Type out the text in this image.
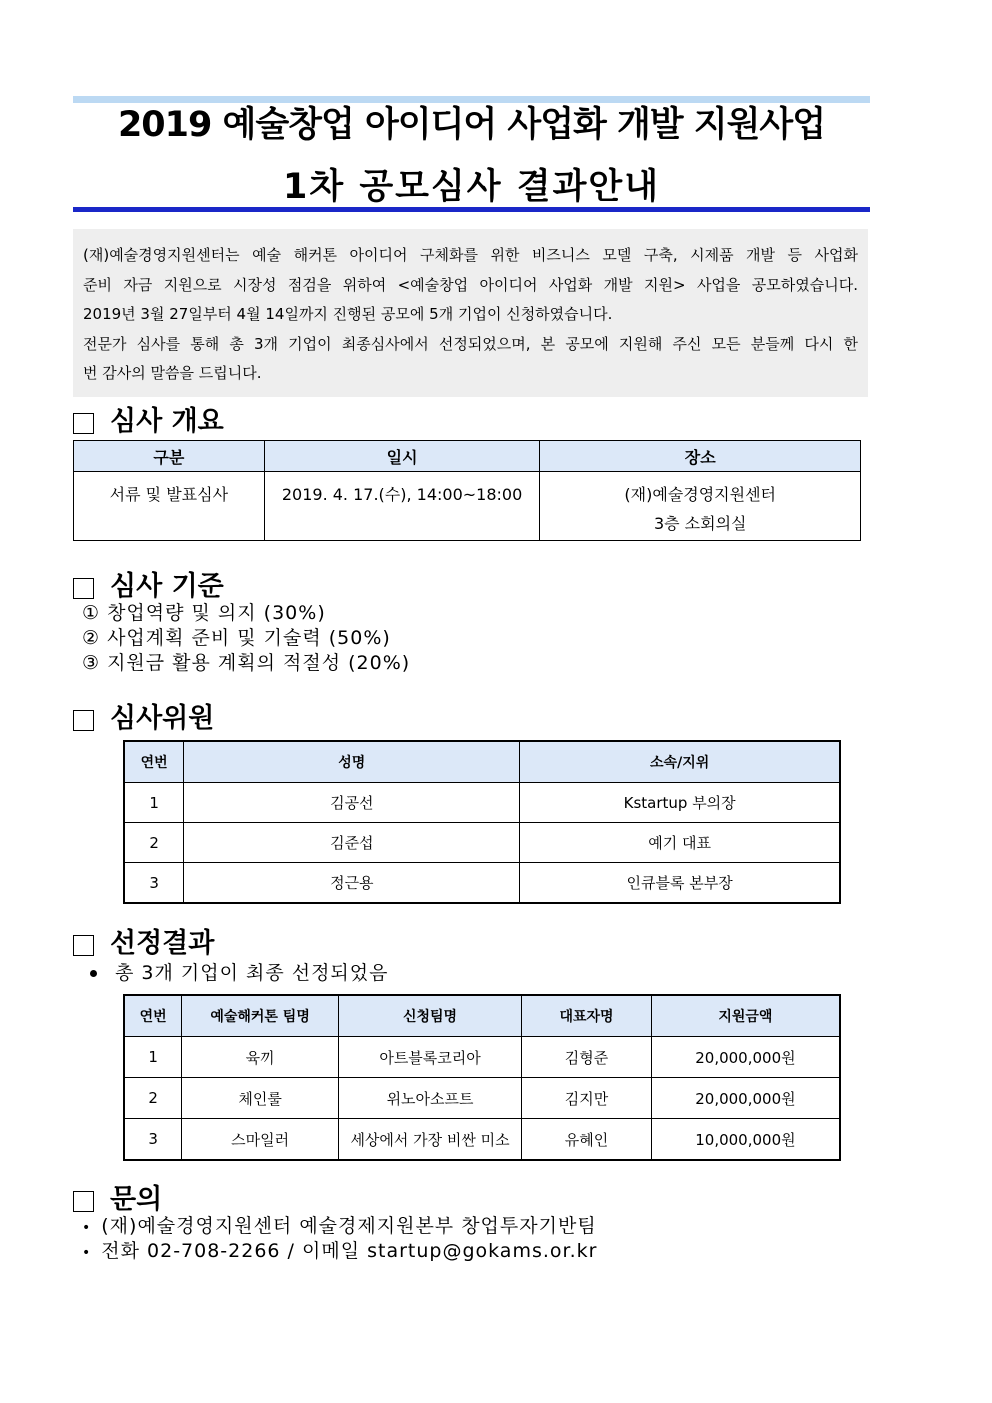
2019 예술창업 아이디어 사업화 개발 지원사업
1차 공모심사 결과안내

(재)예술경영지원센터는 예술 해커톤 아이디어 구체화를 위한 비즈니스 모델 구축, 시제품 개발 등 사업화

준비 자금 지원으로 시장성 점검을 위하여 <예술창업 아이디어 사업화 개발 지원> 사업을 공모하였습니다.

2019년 3월 27일부터 4월 14일까지 진행된 공모에 5개 기업이 신청하였습니다.

전문가 심사를 통해 총 3개 기업이 최종심사에서 선정되었으며, 본 공모에 지원해 주신 모든 분들께 다시 한

번 감사의 말씀을 드립니다.

심사 개요
구분	일시	장소
서류 및 발표심사	2019. 4. 17.(수), 14:00~18:00	(재)예술경영지원센터
3층 소회의실
심사 기준
① 창업역량 및 의지 (30%)
② 사업계획 준비 및 기술력 (50%)
③ 지원금 활용 계획의 적절성 (20%)
심사위원
연번	성명	소속/지위
1	김공선	Kstartup 부의장
2	김준섭	예기 대표
3	정근용	인큐블록 본부장
선정결과
총 3개 기업이 최종 선정되었음
연번	예술해커톤 팀명	신청팀명	대표자명	지원금액
1	육끼	아트블록코리아	김형준	20,000,000원
2	체인룰	위노아소프트	김지만	20,000,000원
3	스마일러	세상에서 가장 비싼 미소	유혜인	10,000,000원
문의
• (재)예술경영지원센터 예술경제지원본부 창업투자기반팀
• 전화 02-708-2266 / 이메일 startup@gokams.or.kr
